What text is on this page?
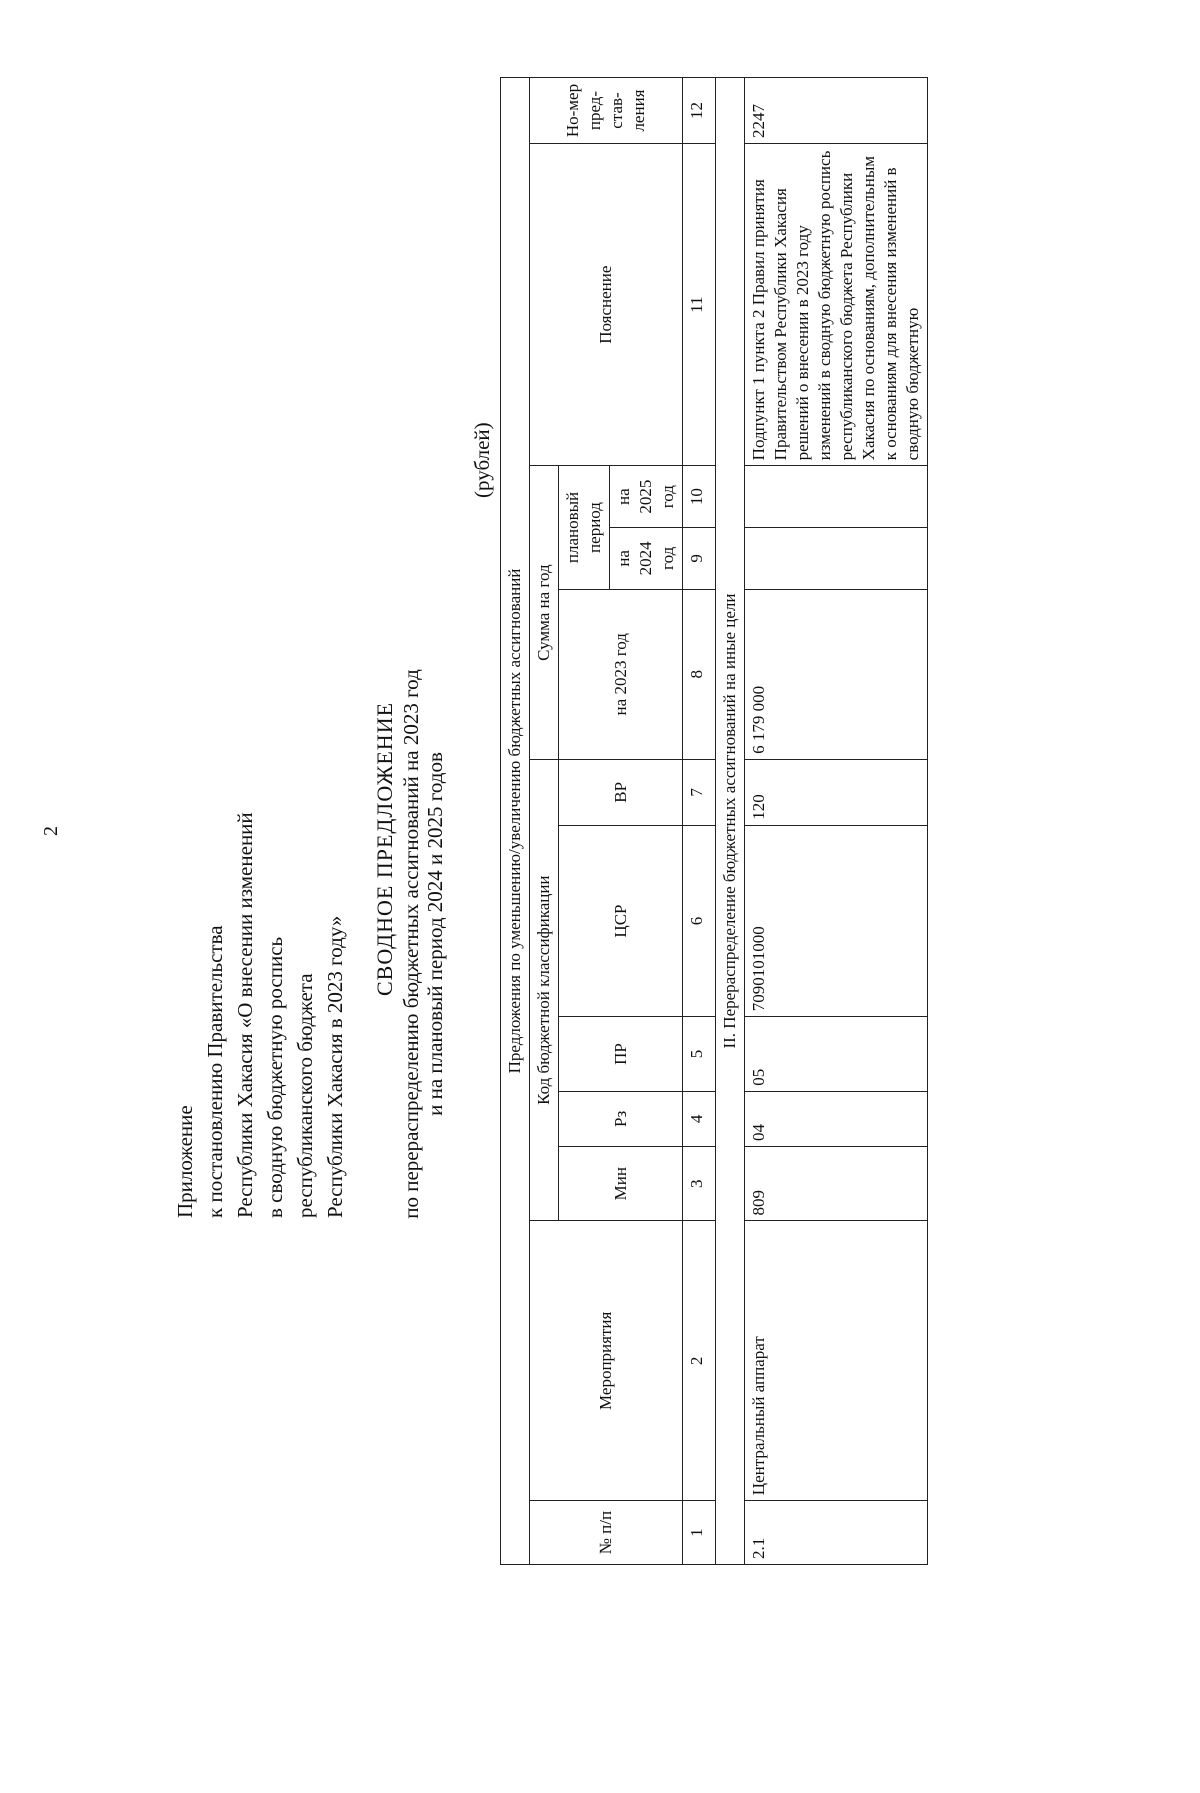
2
Приложение к постановлению Правительства Республики Хакасия «О внесении изменений в сводную бюджетную роспись республиканского бюджета Республики Хакасия в 2023 году»
СВОДНОЕ ПРЕДЛОЖЕНИЕ по перераспределению бюджетных ассигнований на 2023 год и на плановый период 2024 и 2025 годов
(рублей)
Предложения по уменьшению/увеличению бюджетных ассигнований											
№ п/п	Мероприятия	Код бюджетной классификации					Сумма на год			Пояснение	Но-мер пред-став-ления
		Мин	Рз	ПР	ЦСР	ВР	на 2023 год	плановый период			
								на 2024 год	на 2025 год		
1	2	3	4	5	6	7	8	9	10	11	12
II. Перераспределение бюджетных ассигнований на иные цели											
2.1	Центральный аппарат	809	04	05	7090101000	120	6 179 000			Подпункт 1 пункта 2 Правил принятия Правительством Республики Хакасия решений о внесении в 2023 году изменений в сводную бюджетную роспись республиканского бюджета Республики Хакасия по основаниям, дополнительным к основаниям для внесения изменений в сводную бюджетную	2247
